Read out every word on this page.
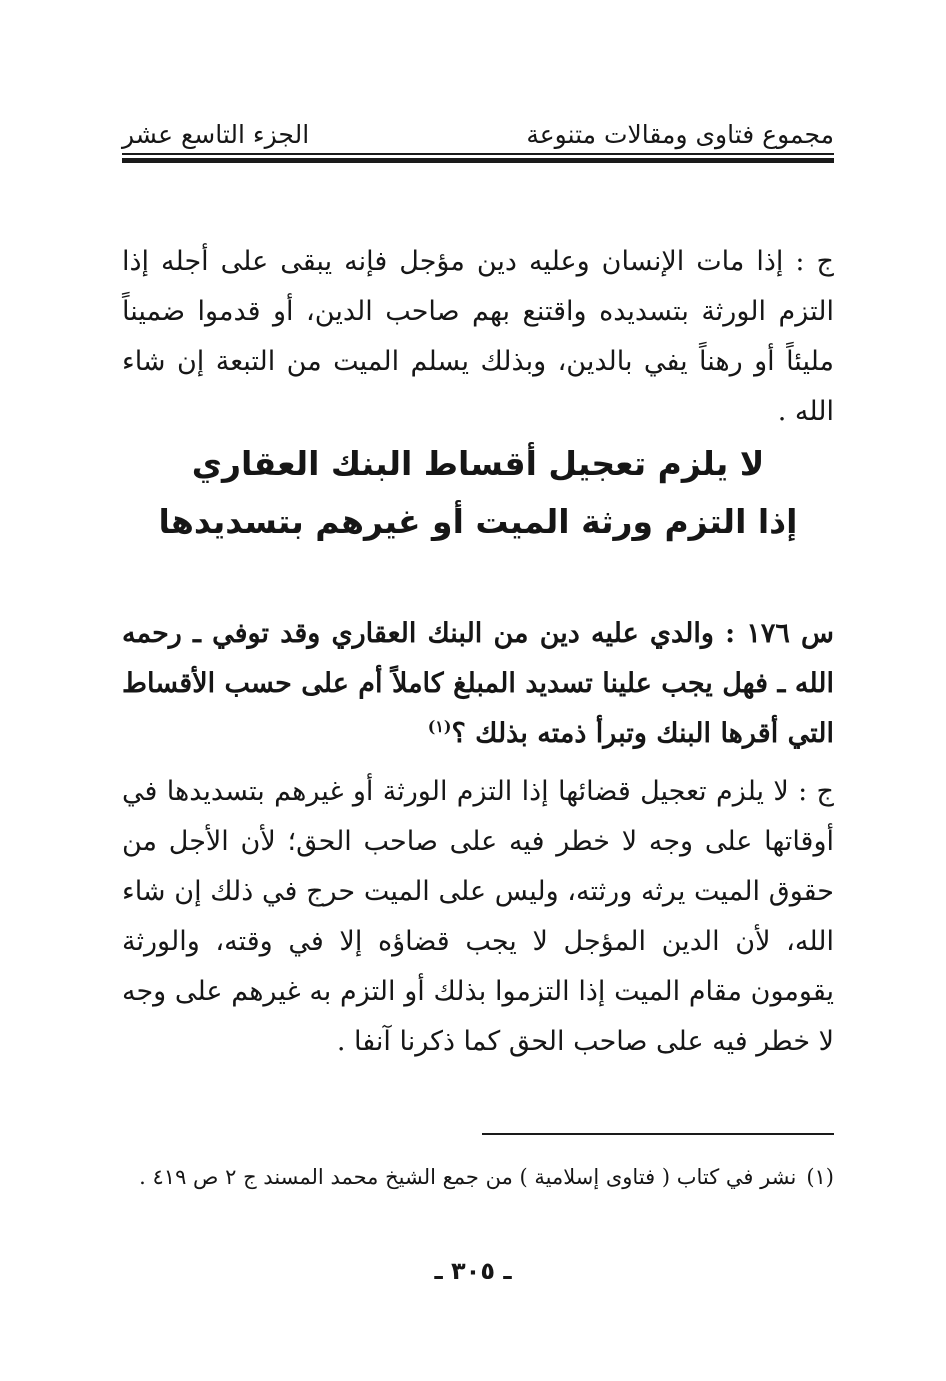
مجموع فتاوى ومقالات متنوعة
الجزء التاسع عشر

ج : إذا مات الإنسان وعليه دين مؤجل فإنه يبقى على أجله إذا التزم الورثة بتسديده واقتنع بهم صاحب الدين، أو قدموا ضميناً مليئاً أو رهناً يفي بالدين، وبذلك يسلم الميت من التبعة إن شاء الله .

لا يلزم تعجيل أقساط البنك العقاري
إذا التزم ورثة الميت أو غيرهم بتسديدها

س ١٧٦ : والدي عليه دين من البنك العقاري وقد توفي ـ رحمه الله ـ فهل يجب علينا تسديد المبلغ كاملاً أم على حسب الأقساط التي أقرها البنك وتبرأ ذمته بذلك ؟$^{(١)}$

ج : لا يلزم تعجيل قضائها إذا التزم الورثة أو غيرهم بتسديدها في أوقاتها على وجه لا خطر فيه على صاحب الحق؛ لأن الأجل من حقوق الميت يرثه ورثته، وليس على الميت حرج في ذلك إن شاء الله، لأن الدين المؤجل لا يجب قضاؤه إلا في وقته، والورثة يقومون مقام الميت إذا التزموا بذلك أو التزم به غيرهم على وجه لا خطر فيه على صاحب الحق كما ذكرنا آنفا .

(١)نشر في كتاب ( فتاوى إسلامية ) من جمع الشيخ محمد المسند ج ٢ ص ٤١٩ .
ـ ٣٠٥ ـ
